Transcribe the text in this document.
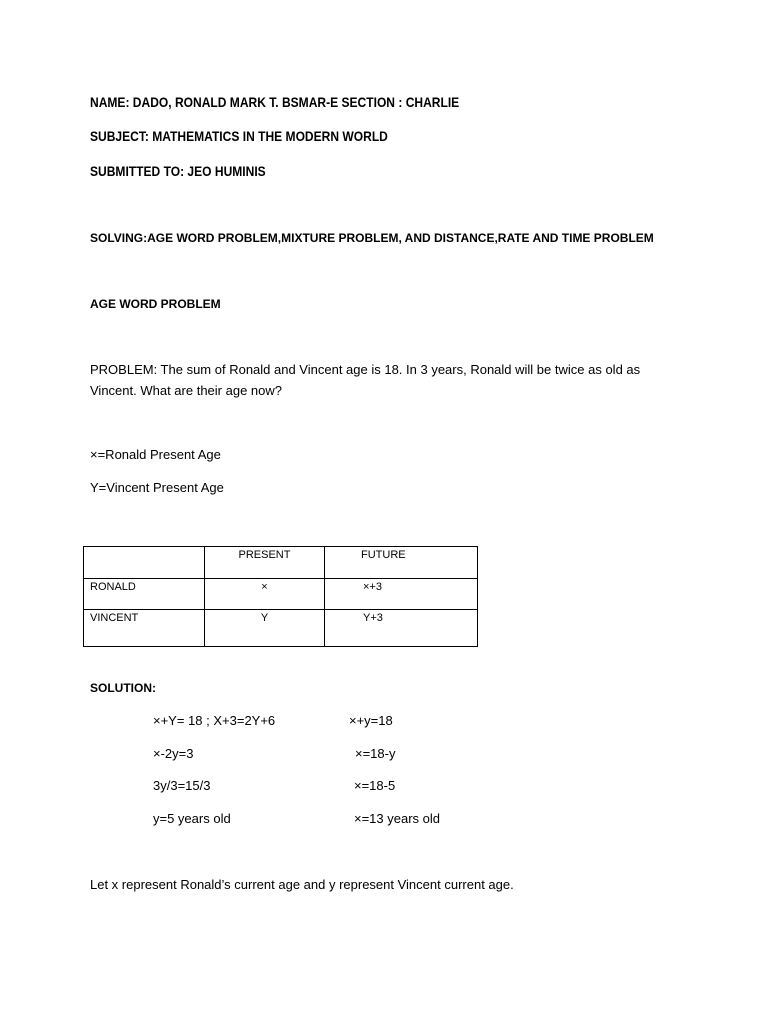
NAME: DADO, RONALD MARK T. BSMAR-E SECTION : CHARLIE
SUBJECT: MATHEMATICS IN THE MODERN WORLD
SUBMITTED TO: JEO HUMINIS
SOLVING:AGE WORD PROBLEM,MIXTURE PROBLEM, AND DISTANCE,RATE AND TIME PROBLEM
AGE WORD PROBLEM
PROBLEM: The sum of Ronald and Vincent age is 18. In 3 years, Ronald will be twice as old as Vincent. What are their age now?
×=Ronald Present Age
Y=Vincent Present Age
	PRESENT	FUTURE
RONALD	×	×+3
VINCENT	Y	Y+3
SOLUTION:
×+Y= 18 ; X+3=2Y+6
×-2y=3
3y/3=15/3
y=5 years old
×+y=18
×=18-y
×=18-5
×=13 years old
Let x represent Ronald’s current age and y represent Vincent current age.
